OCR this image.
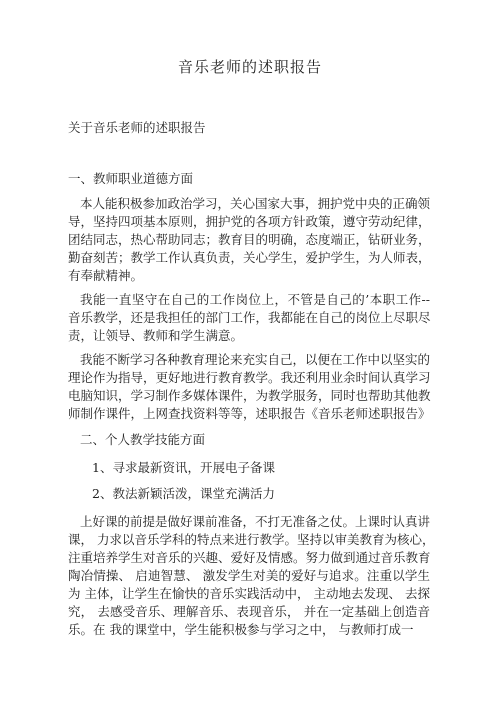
音乐老师的述职报告
关于音乐老师的述职报告
一、教师职业道德方面
本人能积极参加政治学习，关心国家大事，拥护党中央的正确领
导，坚持四项基本原则，拥护党的各项方针政策，遵守劳动纪律，
团结同志，热心帮助同志；教育目的明确，态度端正，钻研业务，
勤奋刻苦；教学工作认真负责，关心学生，爱护学生，为人师表，
有奉献精神。
我能一直坚守在自己的工作岗位上，不管是自己的’本职工作--
音乐教学，还是我担任的部门工作，我都能在自己的岗位上尽职尽
责，让领导、教师和学生满意。
我能不断学习各种教育理论来充实自己，以便在工作中以坚实的
理论作为指导，更好地进行教育教学。我还利用业余时间认真学习
电脑知识，学习制作多媒体课件，为教学服务，同时也帮助其他教
师制作课件，上网查找资料等等，述职报告《音乐老师述职报告》
二、个人教学技能方面
1、寻求最新资讯，开展电子备课
2、教法新颖活泼，课堂充满活力
上好课的前提是做好课前准备，不打无准备之仗。上课时认真讲
课， 力求以音乐学科的特点来进行教学。坚持以审美教育为核心，
注重培养学生对音乐的兴趣、爱好及情感。努力做到通过音乐教育
陶冶情操、 启迪智慧、 激发学生对美的爱好与追求。注重以学生
为 主体，让学生在愉快的音乐实践活动中， 主动地去发现、 去探
究， 去感受音乐、理解音乐、表现音乐， 并在一定基础上创造音
乐。在 我的课堂中，学生能积极参与学习之中， 与教师打成一
